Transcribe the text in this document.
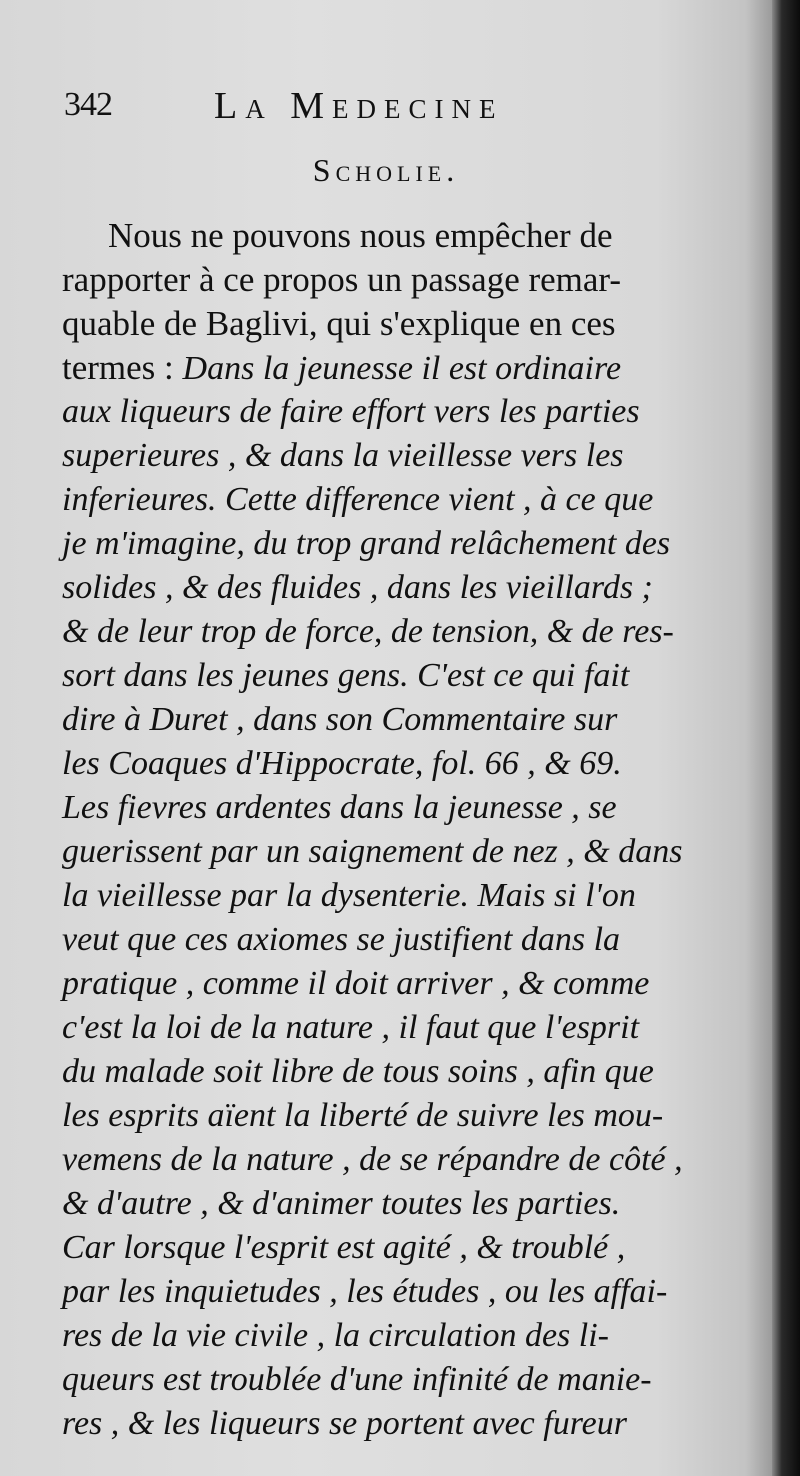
342	La Medecine
Scholie.
Nous ne pouvons nous empêcher de
rapporter à ce propos un passage remar-
quable de Baglivi, qui s'explique en ces
termes : Dans la jeunesse il est ordinaire
aux liqueurs de faire effort vers les parties
superieures , & dans la vieillesse vers les
inferieures. Cette difference vient , à ce que
je m'imagine, du trop grand relâchement des
solides , & des fluides , dans les vieillards ;
& de leur trop de force, de tension, & de res-
sort dans les jeunes gens. C'est ce qui fait
dire à Duret , dans son Commentaire sur
les Coaques d'Hippocrate, fol. 66 , & 69.
Les fievres ardentes dans la jeunesse , se
guerissent par un saignement de nez , & dans
la vieillesse par la dysenterie. Mais si l'on
veut que ces axiomes se justifient dans la
pratique , comme il doit arriver , & comme
c'est la loi de la nature , il faut que l'esprit
du malade soit libre de tous soins , afin que
les esprits aïent la liberté de suivre les mou-
vemens de la nature , de se répandre de côté ,
& d'autre , & d'animer toutes les parties.
Car lorsque l'esprit est agité , & troublé ,
par les inquietudes , les études , ou les affai-
res de la vie civile , la circulation des li-
queurs est troublée d'une infinité de manie-
res , & les liqueurs se portent avec fureur
